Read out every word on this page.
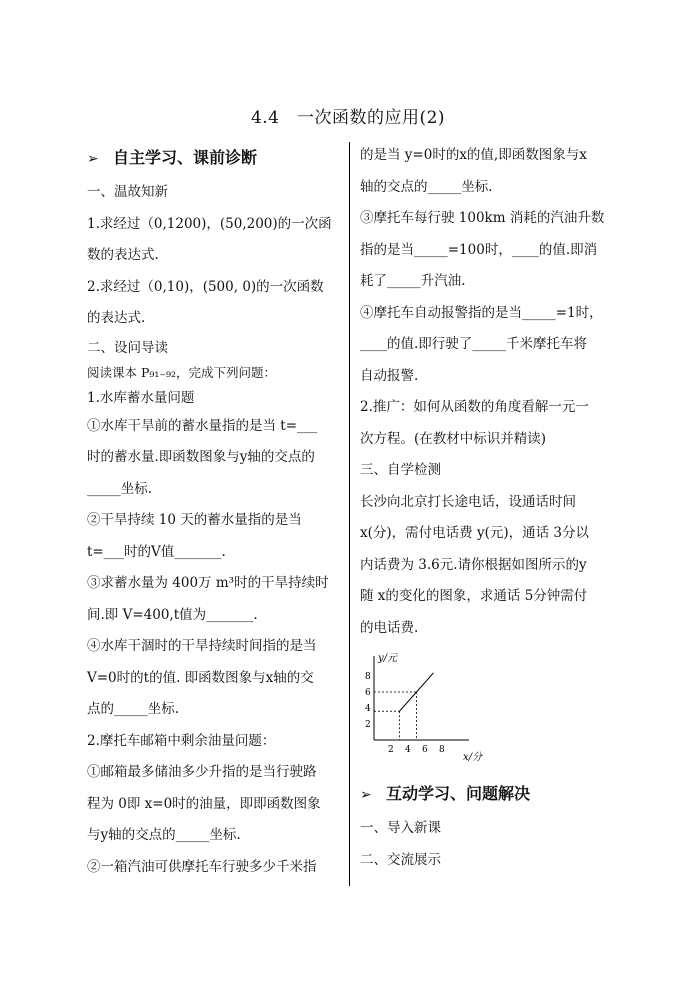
4.4　一次函数的应用(2)
➢ 自主学习、课前诊断
一、温故知新
1.求经过（0,1200)，(50,200)的一次函
数的表达式.
2.求经过（0,10)，(500, 0)的一次函数
的表达式.
二、设问导读
阅读课本 P₉₁₋₉₂，完成下列问题：
1.水库蓄水量问题
①水库干旱前的蓄水量指的是当 t=___
时的蓄水量.即函数图象与y轴的交点的
_____坐标.
②干旱持续 10 天的蓄水量指的是当
t=___时的V值_______.
③求蓄水量为 400万 m³时的干旱持续时
间.即 V=400,t值为_______.
④水库干涸时的干旱持续时间指的是当
V=0时的t的值. 即函数图象与x轴的交
点的_____坐标.
2.摩托车邮箱中剩余油量问题：
①邮箱最多储油多少升指的是当行驶路
程为 0即 x=0时的油量，即即函数图象
与y轴的交点的_____坐标.
②一箱汽油可供摩托车行驶多少千米指
的是当 y=0时的x的值,即函数图象与x
轴的交点的_____坐标.
③摩托车每行驶 100km 消耗的汽油升数
指的是当_____=100时，____的值.即消
耗了_____升汽油.
④摩托车自动报警指的是当_____=1时，
____的值.即行驶了_____千米摩托车将
自动报警.
2.推广：如何从函数的角度看解一元一
次方程。(在教材中标识并精读)
三、自学检测
长沙向北京打长途电话，设通话时间
x(分)，需付电话费 y(元)，通话 3分以
内话费为 3.6元.请你根据如图所示的y
随 x的变化的图象，求通话 5分钟需付
的电话费.
x/分
y/元
2 4 6 8
2
4
6
8
➢ 互动学习、问题解决
一、导入新课
二、交流展示
